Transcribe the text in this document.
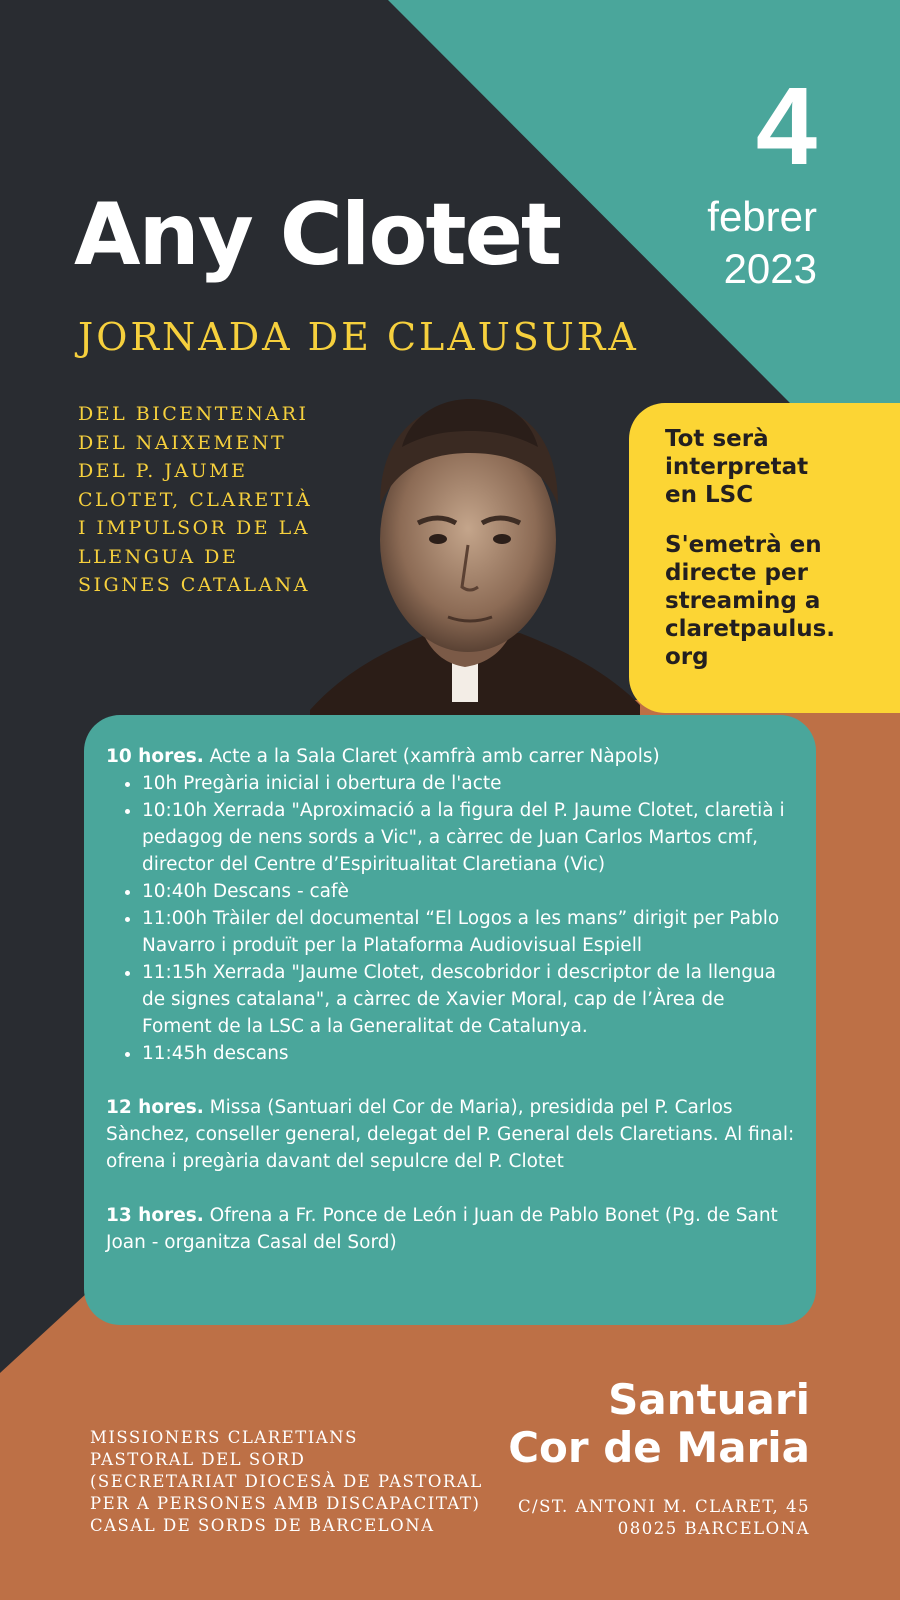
Any Clotet
JORNADA DE CLAUSURA
4
febrer
2023
DEL BICENTENARI
DEL NAIXEMENT
DEL P. JAUME
CLOTET, CLARETIÀ
I IMPULSOR DE LA
LLENGUA DE
SIGNES CATALANA

Tot serà
interpretat
en LSC

S'emetrà en
directe per
streaming a
claretpaulus.
org

10 hores. Acte a la Sala Claret (xamfrà amb carrer Nàpols)

• 10h Pregària inicial i obertura de l'acte
• 10:10h Xerrada "Aproximació a la figura del P. Jaume Clotet, claretià i pedagog de nens sords a Vic", a càrrec de Juan Carlos Martos cmf, director del Centre d’Espiritualitat Claretiana (Vic)
• 10:40h Descans - cafè
• 11:00h Tràiler del documental “El Logos a les mans” dirigit per Pablo Navarro i produït per la Plataforma Audiovisual Espiell
• 11:15h Xerrada "Jaume Clotet, descobridor i descriptor de la llengua de signes catalana", a càrrec de Xavier Moral, cap de l’Àrea de Foment de la LSC a la Generalitat de Catalunya.
• 11:45h descans

12 hores. Missa (Santuari del Cor de Maria), presidida pel P. Carlos Sànchez, conseller general, delegat del P. General dels Claretians. Al final: ofrena i pregària davant del sepulcre del P. Clotet

13 hores. Ofrena a Fr. Ponce de León i Juan de Pablo Bonet (Pg. de Sant Joan - organitza Casal del Sord)

MISSIONERS CLARETIANS
PASTORAL DEL SORD
(SECRETARIAT DIOCESÀ DE PASTORAL
PER A PERSONES AMB DISCAPACITAT)
CASAL DE SORDS DE BARCELONA
Santuari
Cor de Maria
C/ST. ANTONI M. CLARET, 45
08025 BARCELONA
